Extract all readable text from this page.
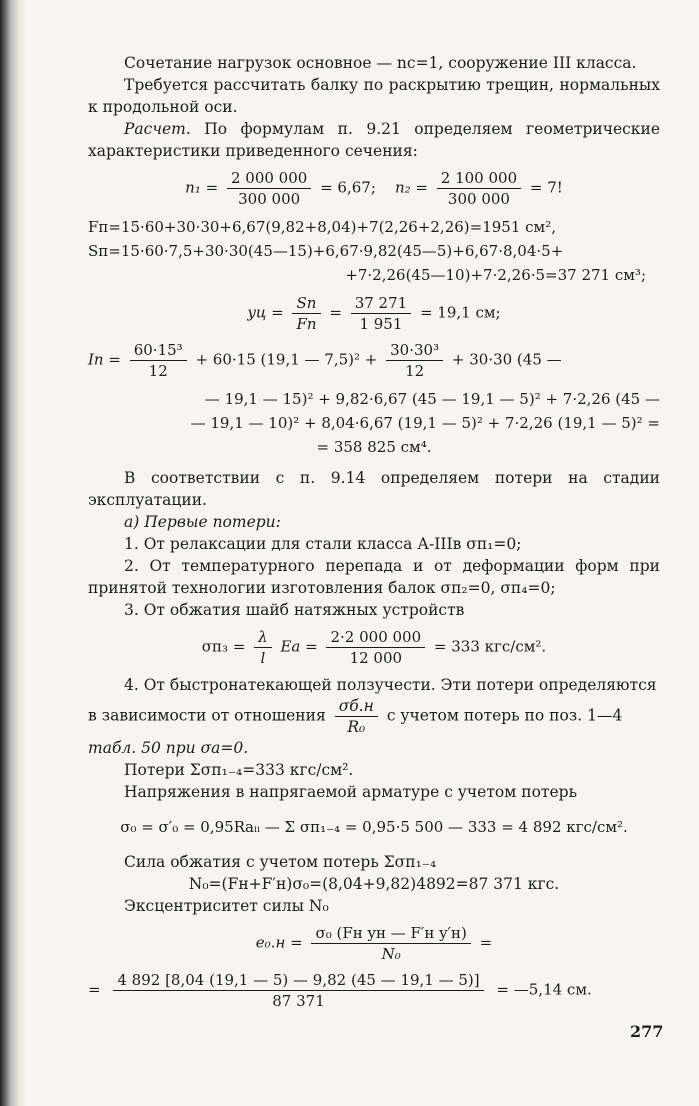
Сочетание нагрузок основное — nс=1, сооружение III класса.

Требуется рассчитать балку по раскрытию трещин, нормальных к продольной оси.

Расчет. По формулам п. 9.21 определяем геометрические характеристики приведенного сечения:

$n_1 = \frac{2 000 000}{300 000} = 6,67$; $n_2 = \frac{2 100 000}{300 000} = 7$!

Fп=15·60+30·30+6,67(9,82+8,04)+7(2,26+2,26)=1951 см²,

Sп=15·60·7,5+30·30(45—15)+6,67·9,82(45—5)+6,67·8,04·5+

+7·2,26(45—10)+7·2,26·5=37 271 см³;

yц = $\frac{Sп}{Fп} = \frac{37 271}{1 951} = 19,1$ см;
Iп = $\frac{\text{60·15³}}{12} + 60\cdot 15$ (19,1 — $7,5)^2 + \frac{\text{30·30³}}{12} + 30\cdot 30$ (45 —

— 19,1 — 15)² + 9,82·6,67 (45 — 19,1 — 5)² + 7·2,26 (45 —

— 19,1 — 10)² + 8,04·6,67 (19,1 — 5)² + 7·2,26 (19,1 — 5)² =

= 358 825 см⁴.

В соответствии с п. 9.14 определяем потери на стадии эксплуатации.

а) Первые потери:

1. От релаксации для стали класса А-IIIв σп₁=0;

2. От температурного перепада и от деформации форм при принятой технологии изготовления балок σп₂=0, σп₄=0;

3. От обжатия шайб натяжных устройств

$\sigma п_3 = \frac{\lambda}{l}$ Eа = $\frac{2\cdot 2 000 000}{12 000} = 333$ кгс/см².

4. От быстронатекающей ползучести. Эти потери определяются

в зависимости от отношения $\frac{\sigma б.н}{\text{R₀}}$ с учетом потерь по поз. 1—4

табл. 50 при σа=0.

Потери Σσп₁₋₄=333 кгс/см².

Напряжения в напрягаемой арматуре с учетом потерь

σ₀ = σ′₀ = 0,95Rаᵢᵢ — Σ σп₁₋₄ = 0,95·5 500 — 333 = 4 892 кгс/см².

Сила обжатия с учетом потерь Σσп₁₋₄

N₀=(Fн+F′н)σ₀=(8,04+9,82)4892=87 371 кгс.

Эксцентриситет силы N₀

$e_0.н = \frac{\text{σ₀ (Fн yн — F′н y′н)}}{\text{N₀}}$ =
= $\frac{4 892 [8,04 (19,1 — 5) — 9,82 (45 — 19,1 — 5)]}{87 371}$ = —5,14 см.
277
